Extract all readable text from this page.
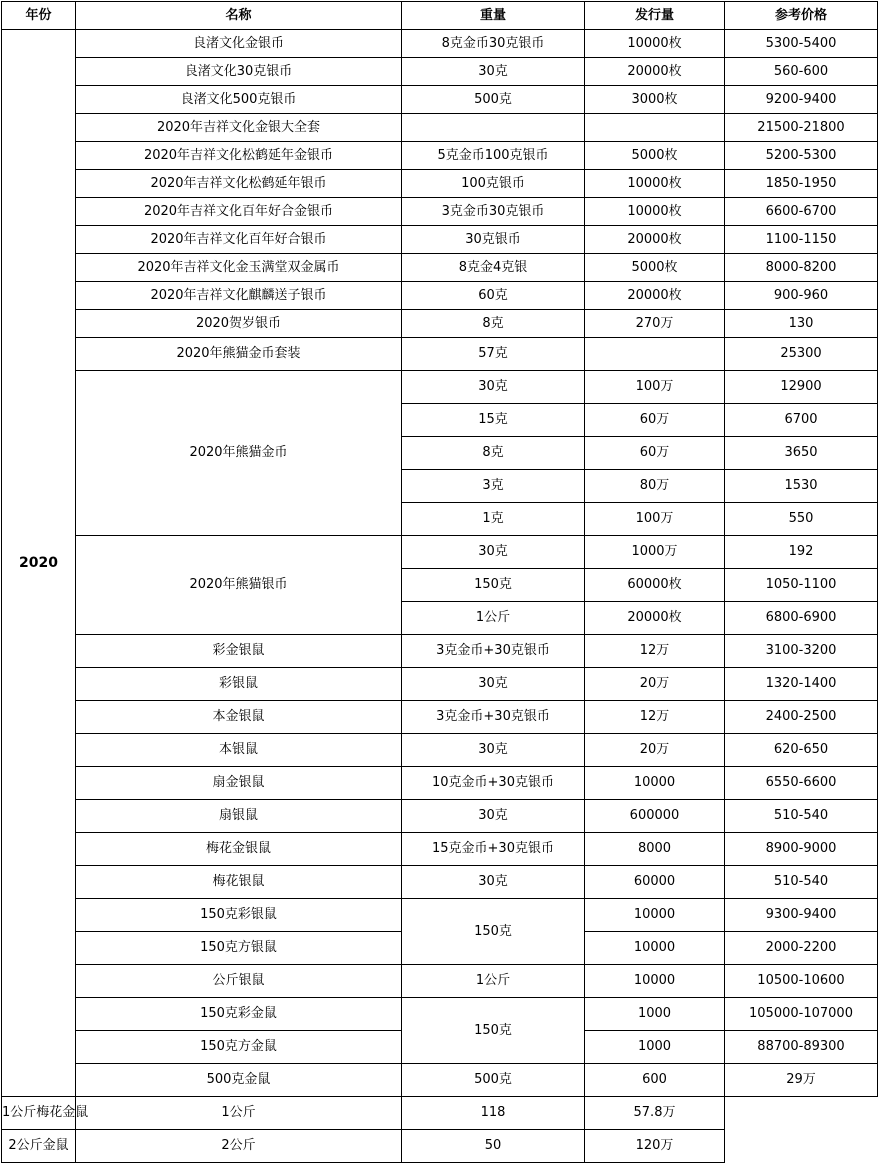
年份	名称	重量	发行量	参考价格
2020	良渚文化金银币	8克金币30克银币	10000枚	5300-5400
	良渚文化30克银币	30克	20000枚	560-600
	良渚文化500克银币	500克	3000枚	9200-9400
	2020年吉祥文化金银大全套			21500-21800
	2020年吉祥文化松鹤延年金银币	5克金币100克银币	5000枚	5200-5300
	2020年吉祥文化松鹤延年银币	100克银币	10000枚	1850-1950
	2020年吉祥文化百年好合金银币	3克金币30克银币	10000枚	6600-6700
	2020年吉祥文化百年好合银币	30克银币	20000枚	1100-1150
	2020年吉祥文化金玉满堂双金属币	8克金4克银	5000枚	8000-8200
	2020年吉祥文化麒麟送子银币	60克	20000枚	900-960
	2020贺岁银币	8克	270万	130
	2020年熊猫金币套装	57克		25300
	2020年熊猫金币	30克	100万	12900
		15克	60万	6700
		8克	60万	3650
		3克	80万	1530
		1克	100万	550
	2020年熊猫银币	30克	1000万	192
		150克	60000枚	1050-1100
		1公斤	20000枚	6800-6900
	彩金银鼠	3克金币+30克银币	12万	3100-3200
	彩银鼠	30克	20万	1320-1400
	本金银鼠	3克金币+30克银币	12万	2400-2500
	本银鼠	30克	20万	620-650
	扇金银鼠	10克金币+30克银币	10000	6550-6600
	扇银鼠	30克	600000	510-540
	梅花金银鼠	15克金币+30克银币	8000	8900-9000
	梅花银鼠	30克	60000	510-540
	150克彩银鼠	150克	10000	9300-9400
	150克方银鼠		10000	2000-2200
	公斤银鼠	1公斤	10000	10500-10600
	150克彩金鼠	150克	1000	105000-107000
	150克方金鼠		1000	88700-89300
	500克金鼠	500克	600	29万
1公斤梅花金鼠	1公斤	118	57.8万	
2公斤金鼠	2公斤	50	120万	
